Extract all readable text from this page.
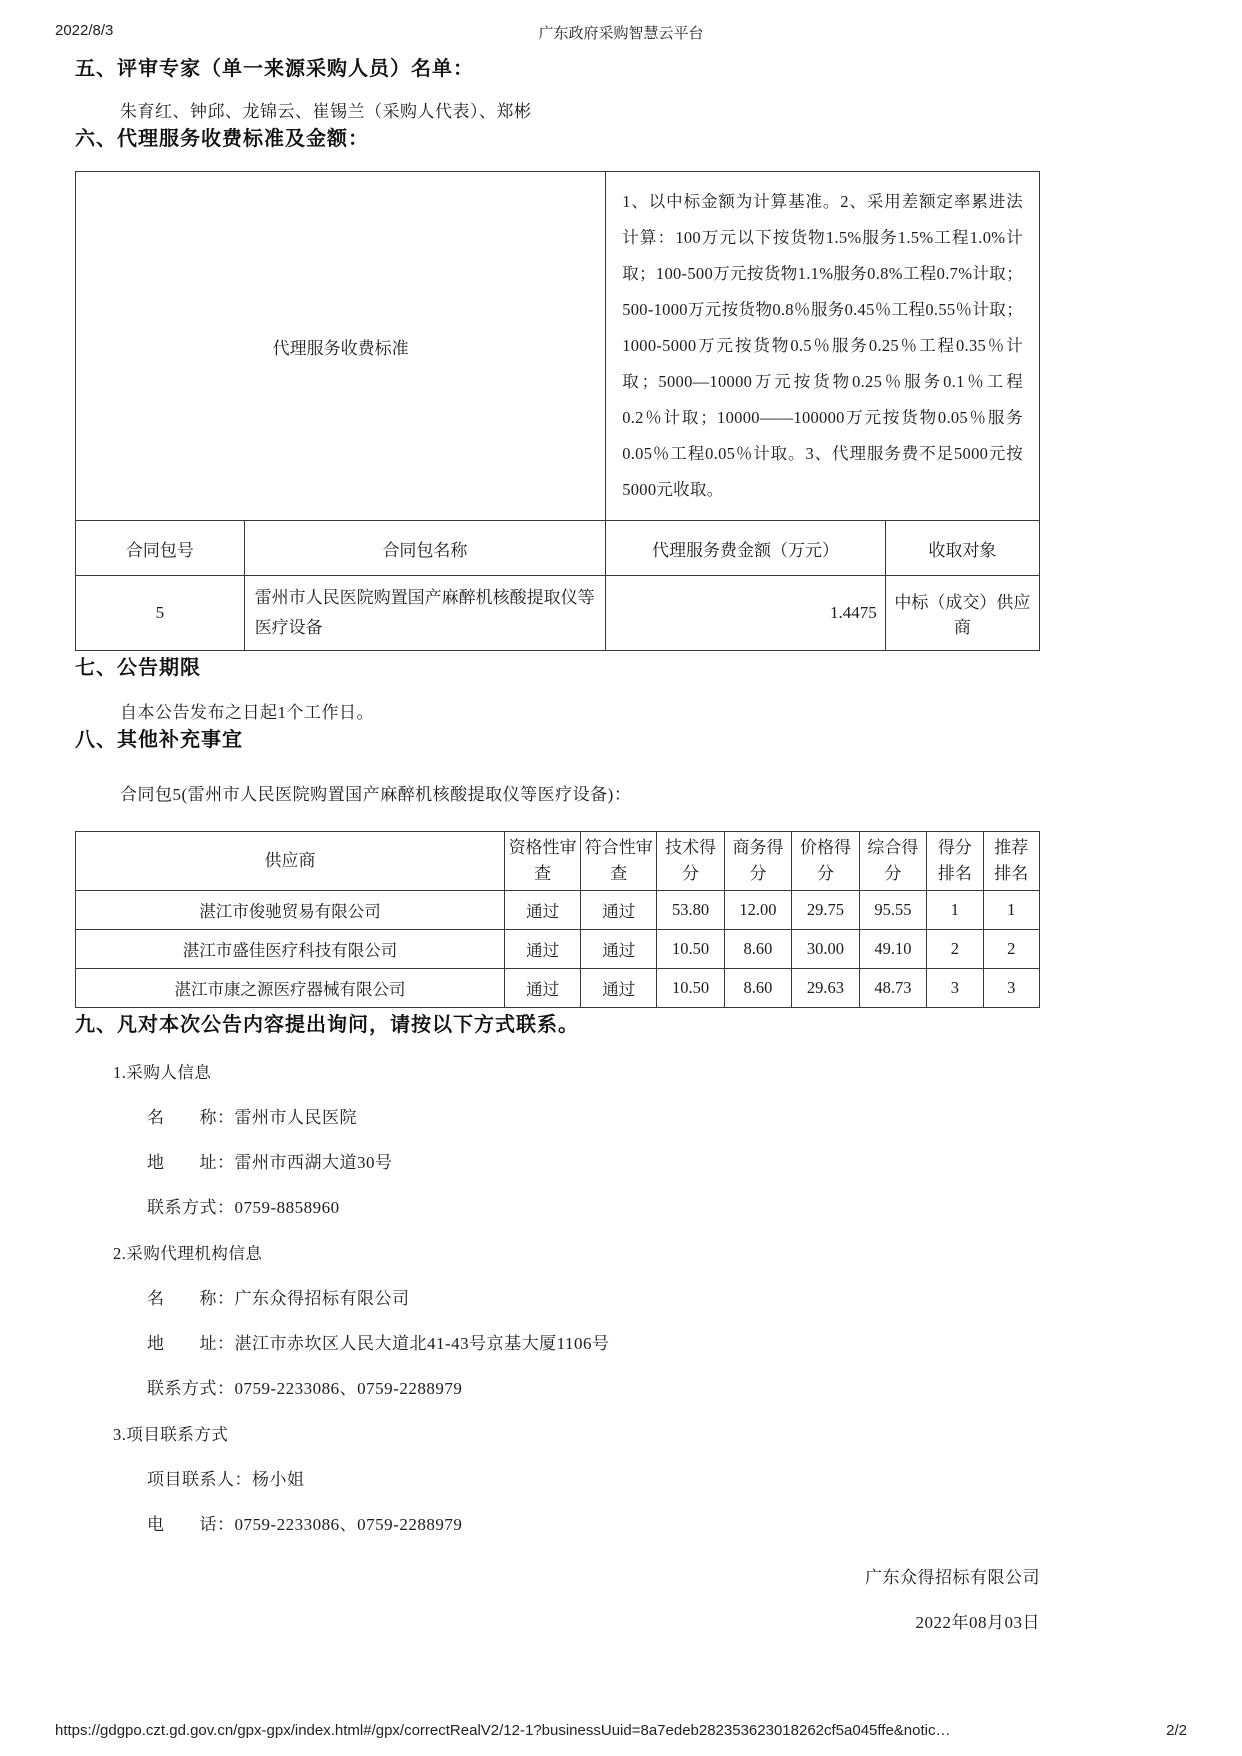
2022/8/3	广东政府采购智慧云平台
五、评审专家（单一来源采购人员）名单：
朱育红、钟邱、龙锦云、崔锡兰（采购人代表）、郑彬
六、代理服务收费标准及金额：
代理服务收费标准		1、以中标金额为计算基准。2、采用差额定率累进法计算：100万元以下按货物1.5%服务1.5%工程1.0%计取；100-500万元按货物1.1%服务0.8%工程0.7%计取；500-1000万元按货物0.8％服务0.45％工程0.55％计取；1000-5000万元按货物0.5％服务0.25％工程0.35％计取；5000—10000万元按货物0.25％服务0.1％工程0.2％计取；10000——100000万元按货物0.05％服务0.05％工程0.05％计取。3、代理服务费不足5000元按5000元收取。	
合同包号	合同包名称	代理服务费金额（万元）	收取对象
5	雷州市人民医院购置国产麻醉机核酸提取仪等医疗设备	1.4475	中标（成交）供应商
七、公告期限
自本公告发布之日起1个工作日。
八、其他补充事宜
合同包5(雷州市人民医院购置国产麻醉机核酸提取仪等医疗设备)：
供应商	资格性审查	符合性审查	技术得分	商务得分	价格得分	综合得分	得分排名	推荐排名
湛江市俊驰贸易有限公司	通过	通过	53.80	12.00	29.75	95.55	1	1
湛江市盛佳医疗科技有限公司	通过	通过	10.50	8.60	30.00	49.10	2	2
湛江市康之源医疗器械有限公司	通过	通过	10.50	8.60	29.63	48.73	3	3
九、凡对本次公告内容提出询问，请按以下方式联系。
1.采购人信息
名　　称：雷州市人民医院
地　　址：雷州市西湖大道30号
联系方式：0759-8858960
2.采购代理机构信息
名　　称：广东众得招标有限公司
地　　址：湛江市赤坎区人民大道北41-43号京基大厦1106号
联系方式：0759-2233086、0759-2288979
3.项目联系方式
项目联系人：杨小姐
电　　话：0759-2233086、0759-2288979
广东众得招标有限公司
2022年08月03日
https://gdgpo.czt.gd.gov.cn/gpx-gpx/index.html#/gpx/correctRealV2/12-1?businessUuid=8a7edeb282353623018262cf5a045ffe&notic…	2/2
